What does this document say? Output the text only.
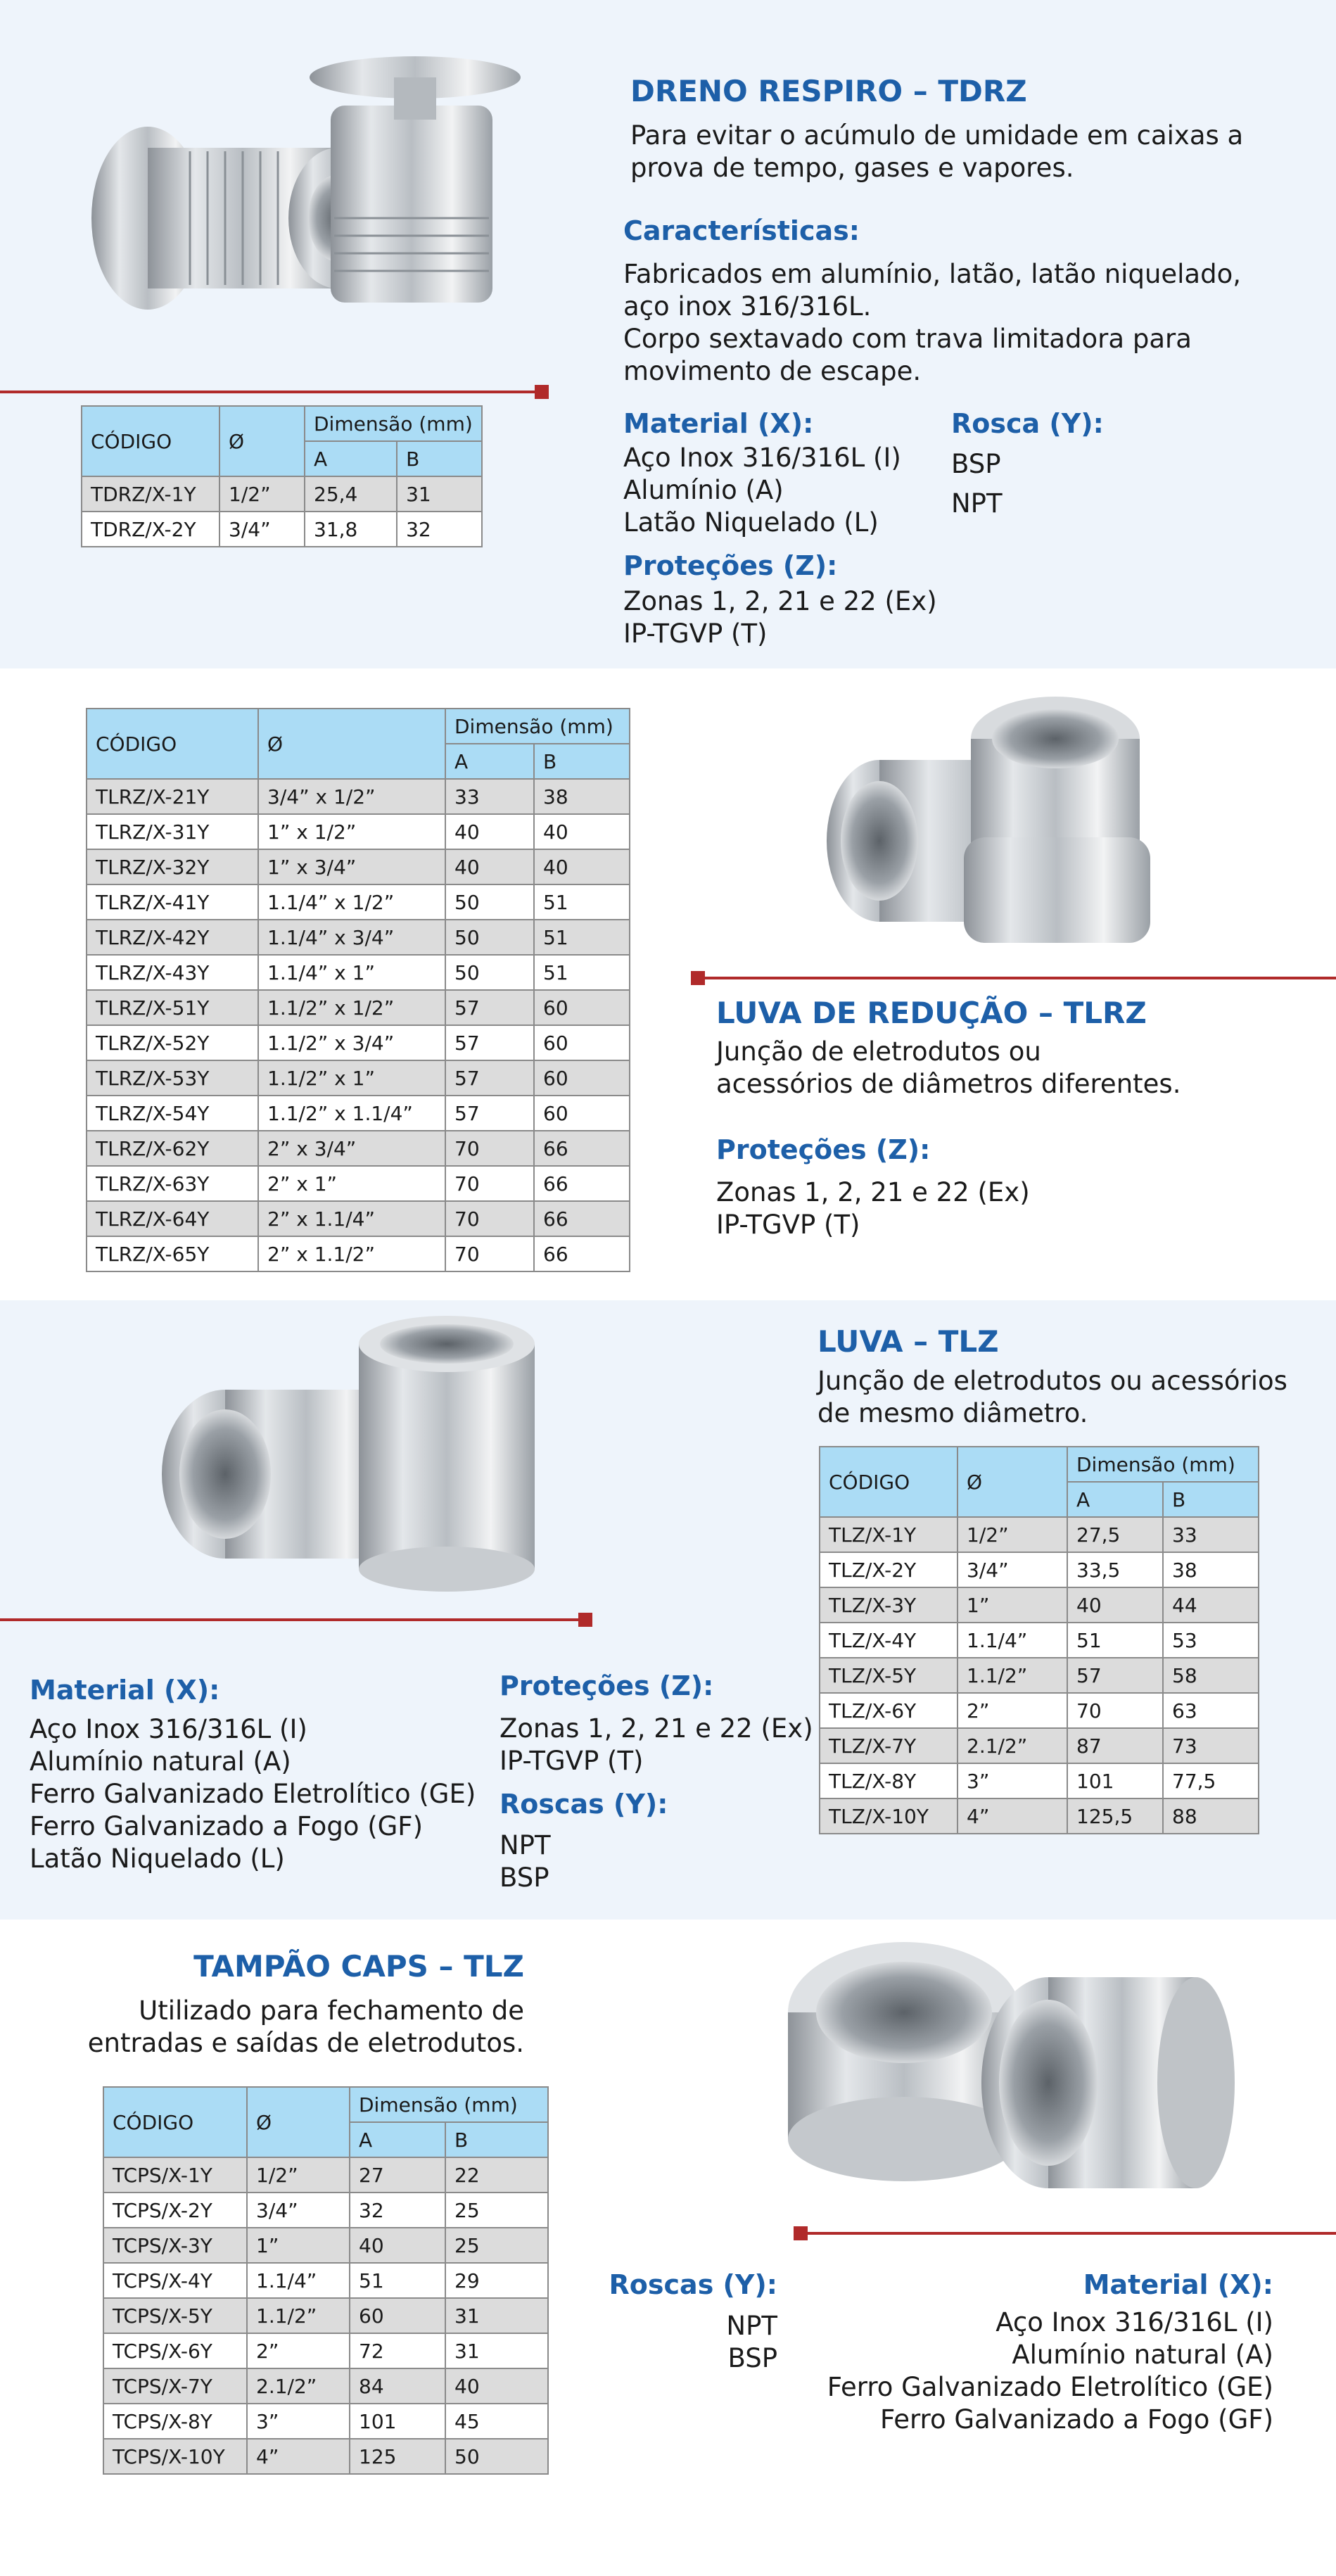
DRENO RESPIRO – TDRZ
Para evitar o acúmulo de umidade em caixas a
prova de tempo, gases e vapores.
Características:
Fabricados em alumínio, latão, latão niquelado,
aço inox 316/316L.
Corpo sextavado com trava limitadora para
movimento de escape.
Material (X):
Aço Inox 316/316L (I)
Alumínio (A)
Latão Niquelado (L)
Rosca (Y):
BSP
NPT
Proteções (Z):
Zonas 1, 2, 21 e 22 (Ex)
IP-TGVP (T)
CÓDIGO	Ø	Dimensão (mm)	
		A	B
TDRZ/X-1Y	1/2”	25,4	31
TDRZ/X-2Y	3/4”	31,8	32
CÓDIGO	Ø	Dimensão (mm)	
		A	B
TLRZ/X-21Y	3/4” x 1/2”	33	38
TLRZ/X-31Y	1” x 1/2”	40	40
TLRZ/X-32Y	1” x 3/4”	40	40
TLRZ/X-41Y	1.1/4” x 1/2”	50	51
TLRZ/X-42Y	1.1/4” x 3/4”	50	51
TLRZ/X-43Y	1.1/4” x 1”	50	51
TLRZ/X-51Y	1.1/2” x 1/2”	57	60
TLRZ/X-52Y	1.1/2” x 3/4”	57	60
TLRZ/X-53Y	1.1/2” x 1”	57	60
TLRZ/X-54Y	1.1/2” x 1.1/4”	57	60
TLRZ/X-62Y	2” x 3/4”	70	66
TLRZ/X-63Y	2” x 1”	70	66
TLRZ/X-64Y	2” x 1.1/4”	70	66
TLRZ/X-65Y	2” x 1.1/2”	70	66
LUVA DE REDUÇÃO – TLRZ
Junção de eletrodutos ou
acessórios de diâmetros diferentes.
Proteções (Z):
Zonas 1, 2, 21 e 22 (Ex)
IP-TGVP (T)
LUVA – TLZ
Junção de eletrodutos ou acessórios
de mesmo diâmetro.
CÓDIGO	Ø	Dimensão (mm)	
		A	B
TLZ/X-1Y	1/2”	27,5	33
TLZ/X-2Y	3/4”	33,5	38
TLZ/X-3Y	1”	40	44
TLZ/X-4Y	1.1/4”	51	53
TLZ/X-5Y	1.1/2”	57	58
TLZ/X-6Y	2”	70	63
TLZ/X-7Y	2.1/2”	87	73
TLZ/X-8Y	3”	101	77,5
TLZ/X-10Y	4”	125,5	88
Material (X):
Aço Inox 316/316L (I)
Alumínio natural (A)
Ferro Galvanizado Eletrolítico (GE)
Ferro Galvanizado a Fogo (GF)
Latão Niquelado (L)
Proteções (Z):
Zonas 1, 2, 21 e 22 (Ex)
IP-TGVP (T)
Roscas (Y):
NPT
BSP
TAMPÃO CAPS – TLZ
Utilizado para fechamento de
entradas e saídas de eletrodutos.
CÓDIGO	Ø	Dimensão (mm)	
		A	B
TCPS/X-1Y	1/2”	27	22
TCPS/X-2Y	3/4”	32	25
TCPS/X-3Y	1”	40	25
TCPS/X-4Y	1.1/4”	51	29
TCPS/X-5Y	1.1/2”	60	31
TCPS/X-6Y	2”	72	31
TCPS/X-7Y	2.1/2”	84	40
TCPS/X-8Y	3”	101	45
TCPS/X-10Y	4”	125	50
Roscas (Y):
NPT
BSP
Material (X):
Aço Inox 316/316L (I)
Alumínio natural (A)
Ferro Galvanizado Eletrolítico (GE)
Ferro Galvanizado a Fogo (GF)
